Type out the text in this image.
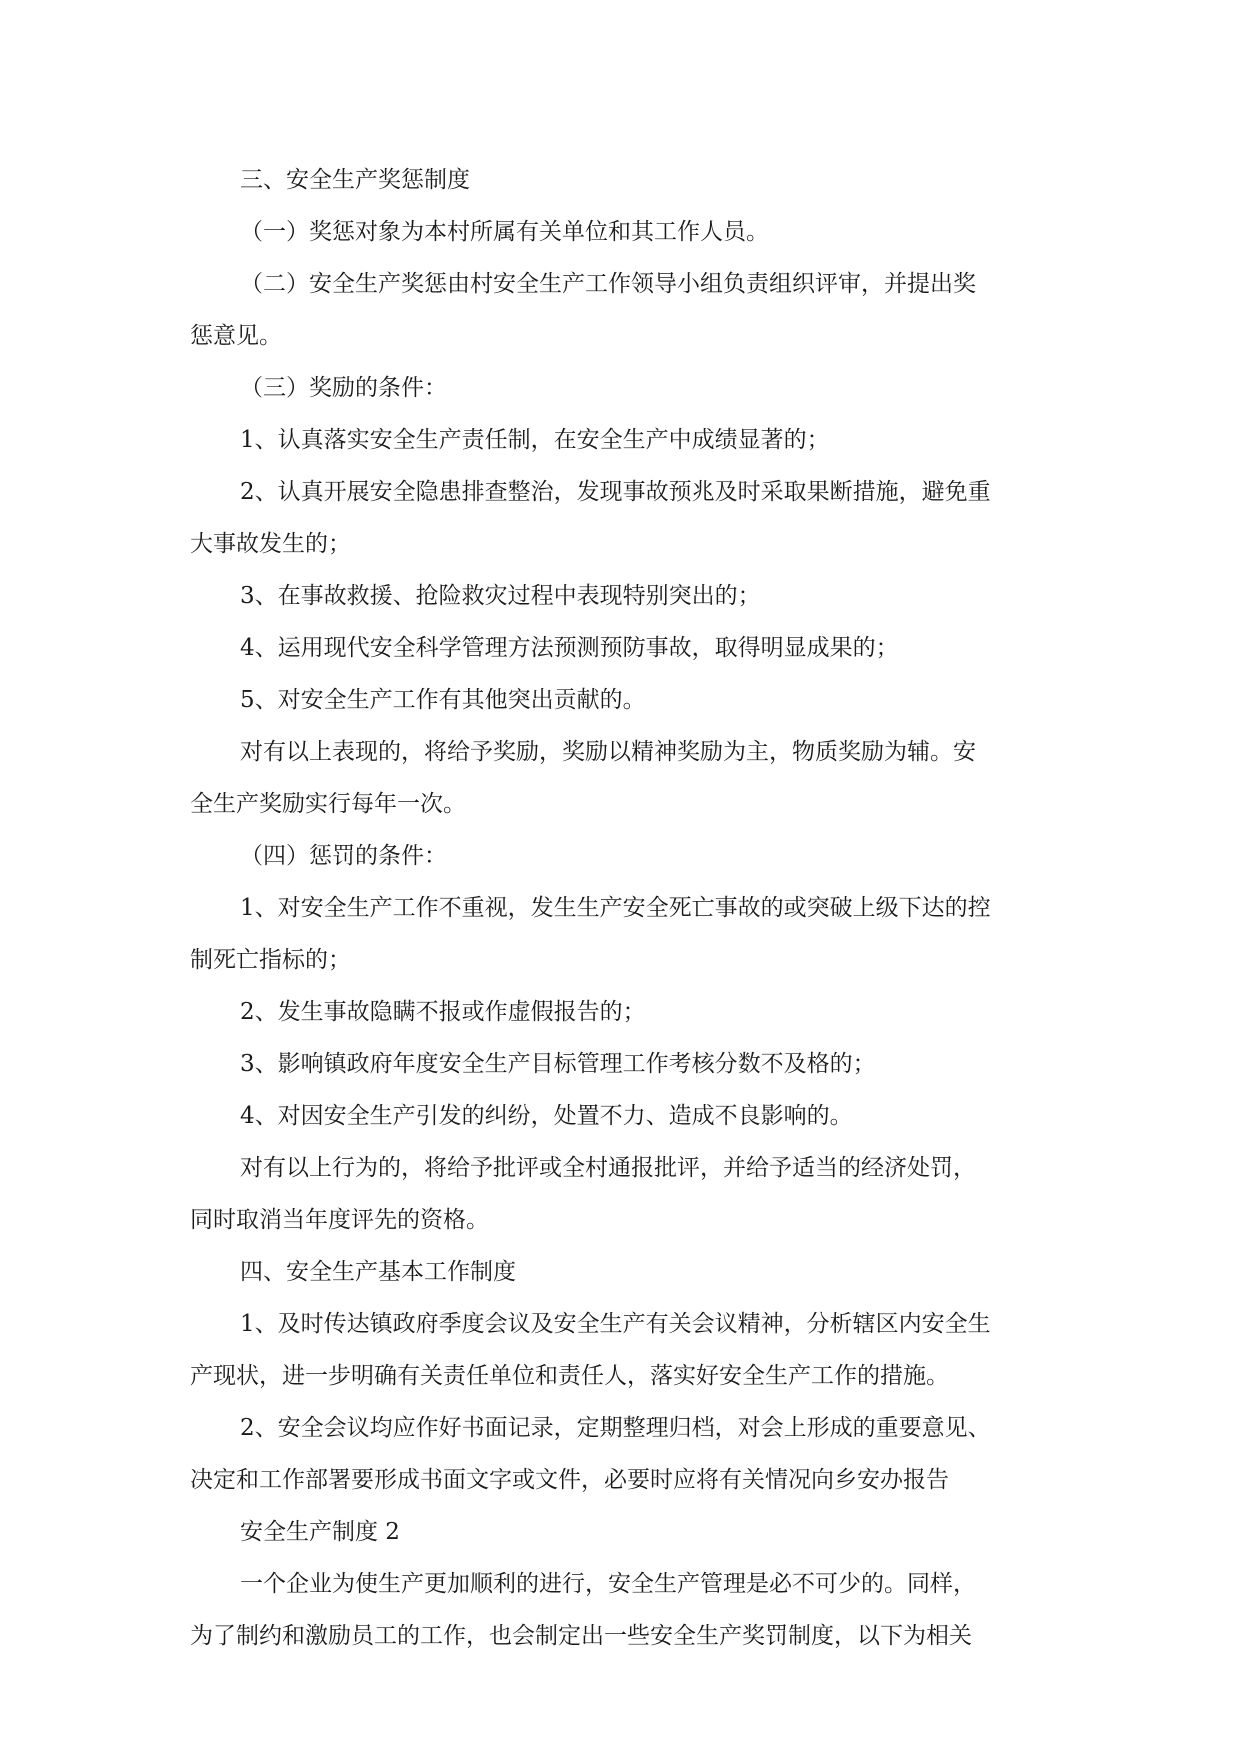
三、安全生产奖惩制度
（一）奖惩对象为本村所属有关单位和其工作人员。
（二）安全生产奖惩由村安全生产工作领导小组负责组织评审，并提出奖
惩意见。
（三）奖励的条件：
1、认真落实安全生产责任制，在安全生产中成绩显著的；
2、认真开展安全隐患排查整治，发现事故预兆及时采取果断措施，避免重
大事故发生的；
3、在事故救援、抢险救灾过程中表现特别突出的；
4、运用现代安全科学管理方法预测预防事故，取得明显成果的；
5、对安全生产工作有其他突出贡献的。
对有以上表现的，将给予奖励，奖励以精神奖励为主，物质奖励为辅。安
全生产奖励实行每年一次。
（四）惩罚的条件：
1、对安全生产工作不重视，发生生产安全死亡事故的或突破上级下达的控
制死亡指标的；
2、发生事故隐瞒不报或作虚假报告的；
3、影响镇政府年度安全生产目标管理工作考核分数不及格的；
4、对因安全生产引发的纠纷，处置不力、造成不良影响的。
对有以上行为的，将给予批评或全村通报批评，并给予适当的经济处罚，
同时取消当年度评先的资格。
四、安全生产基本工作制度
1、及时传达镇政府季度会议及安全生产有关会议精神，分析辖区内安全生
产现状，进一步明确有关责任单位和责任人，落实好安全生产工作的措施。
2、安全会议均应作好书面记录，定期整理归档，对会上形成的重要意见、
决定和工作部署要形成书面文字或文件，必要时应将有关情况向乡安办报告
安全生产制度 2
一个企业为使生产更加顺利的进行，安全生产管理是必不可少的。同样，
为了制约和激励员工的工作，也会制定出一些安全生产奖罚制度，以下为相关
